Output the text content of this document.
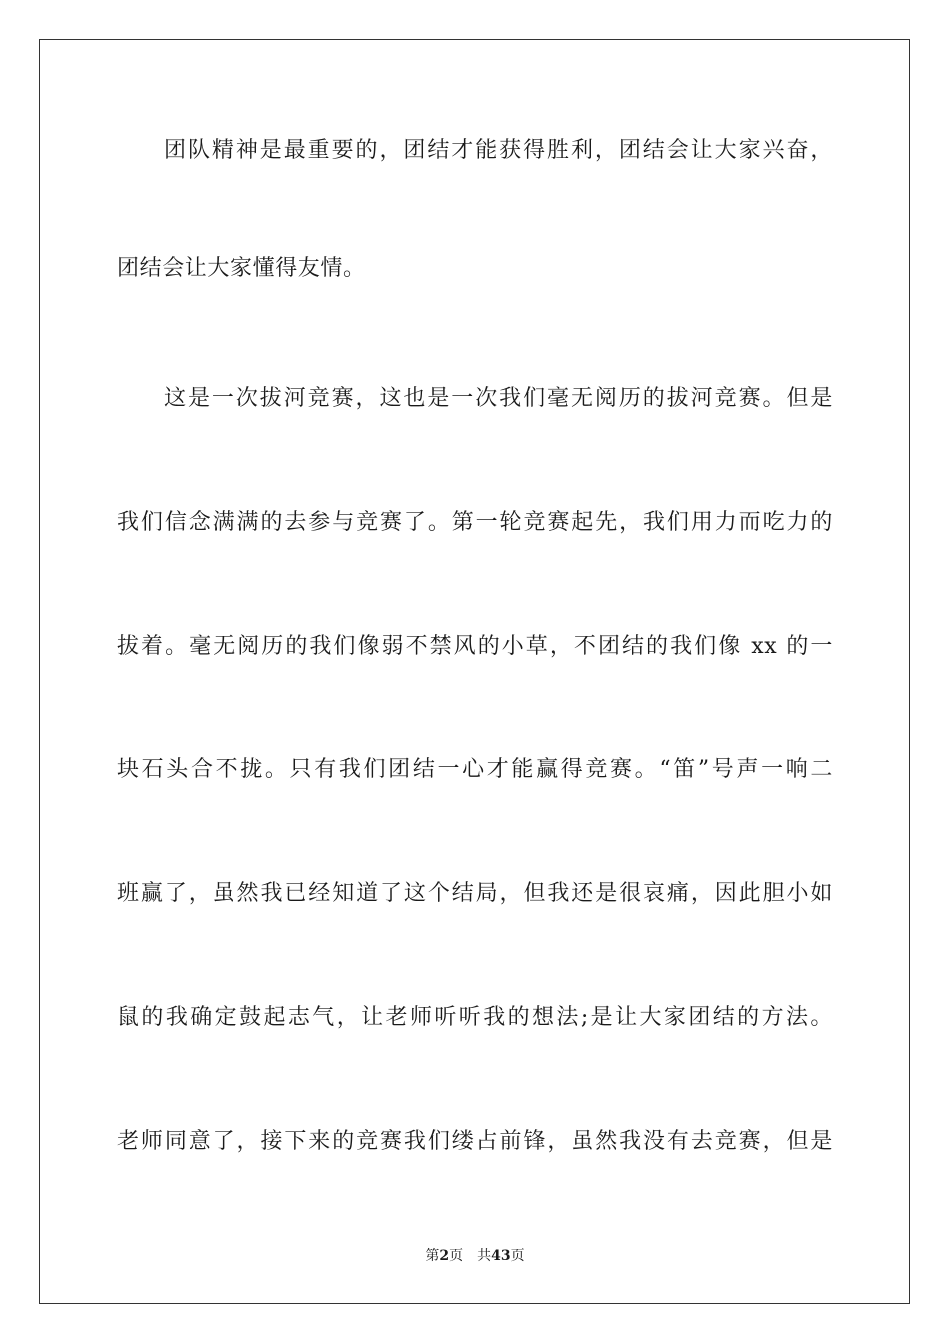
团队精神是最重要的，团结才能获得胜利，团结会让大家兴奋，
团结会让大家懂得友情。
这是一次拔河竞赛，这也是一次我们毫无阅历的拔河竞赛。但是
我们信念满满的去参与竞赛了。第一轮竞赛起先，我们用力而吃力的
拔着。毫无阅历的我们像弱不禁风的小草，不团结的我们像 xx 的一
块石头合不拢。只有我们团结一心才能赢得竞赛。“笛”号声一响二
班赢了，虽然我已经知道了这个结局，但我还是很哀痛，因此胆小如
鼠的我确定鼓起志气，让老师听听我的想法;是让大家团结的方法。
老师同意了，接下来的竞赛我们缕占前锋，虽然我没有去竞赛，但是
第2页 共43页
